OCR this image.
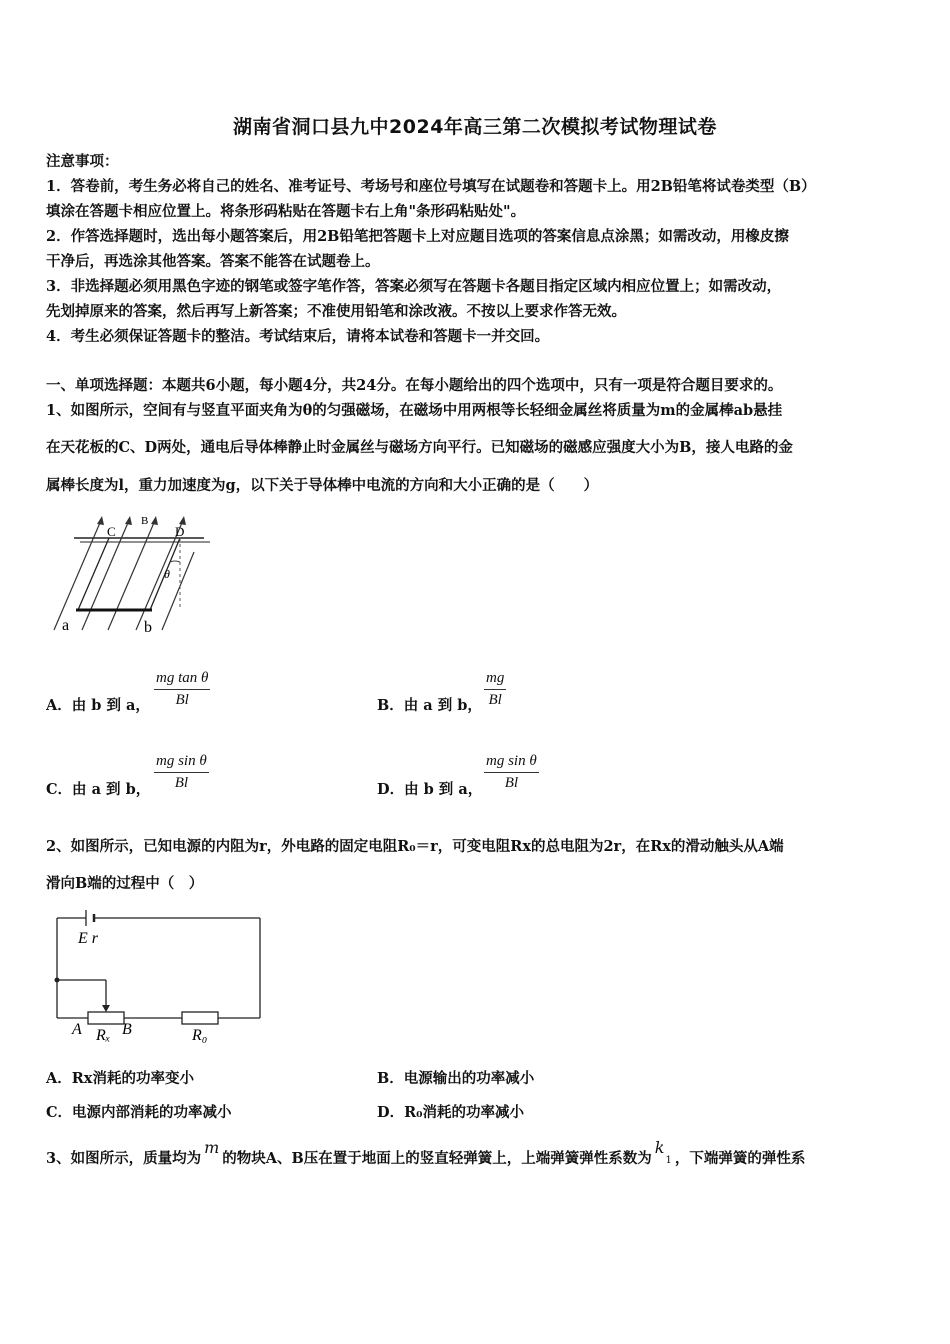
湖南省洞口县九中2024年高三第二次模拟考试物理试卷
注意事项：
1．答卷前，考生务必将自己的姓名、准考证号、考场号和座位号填写在试题卷和答题卡上。用2B铅笔将试卷类型（B）
填涂在答题卡相应位置上。将条形码粘贴在答题卡右上角"条形码粘贴处"。
2．作答选择题时，选出每小题答案后，用2B铅笔把答题卡上对应题目选项的答案信息点涂黑；如需改动，用橡皮擦
干净后，再选涂其他答案。答案不能答在试题卷上。
3．非选择题必须用黑色字迹的钢笔或签字笔作答，答案必须写在答题卡各题目指定区域内相应位置上；如需改动，
先划掉原来的答案，然后再写上新答案；不准使用铅笔和涂改液。不按以上要求作答无效。
4．考生必须保证答题卡的整洁。考试结束后，请将本试卷和答题卡一并交回。
一、单项选择题：本题共6小题，每小题4分，共24分。在每小题给出的四个选项中，只有一项是符合题目要求的。
1、如图所示，空间有与竖直平面夹角为θ的匀强磁场，在磁场中用两根等长轻细金属丝将质量为m的金属棒ab悬挂
在天花板的C、D两处，通电后导体棒静止时金属丝与磁场方向平行。已知磁场的磁感应强度大小为B，接人电路的金
属棒长度为l，重力加速度为g，以下关于导体棒中电流的方向和大小正确的是（　　）
C
B
D
θ
a	b
A．由 b 到 a， $\frac{\text{mg tan θ}}{Bl}$	B．由 a 到 b， $\frac{mg}{Bl}$
C．由 a 到 b， $\frac{\text{mg sin θ}}{Bl}$	D．由 b 到 a， $\frac{\text{mg sin θ}}{Bl}$
2、如图所示，已知电源的内阻为r，外电路的固定电阻R₀＝r，可变电阻Rx的总电阻为2r，在Rx的滑动触头从A端
滑向B端的过程中（　）
E r
A Rₓ B	R₀
A．Rx消耗的功率变小	B．电源输出的功率减小
C．电源内部消耗的功率减小	D．R₀消耗的功率减小
3、如图所示，质量均为m的物块A、B压在置于地面上的竖直轻弹簧上，上端弹簧弹性系数为k1 ，下端弹簧的弹性系
